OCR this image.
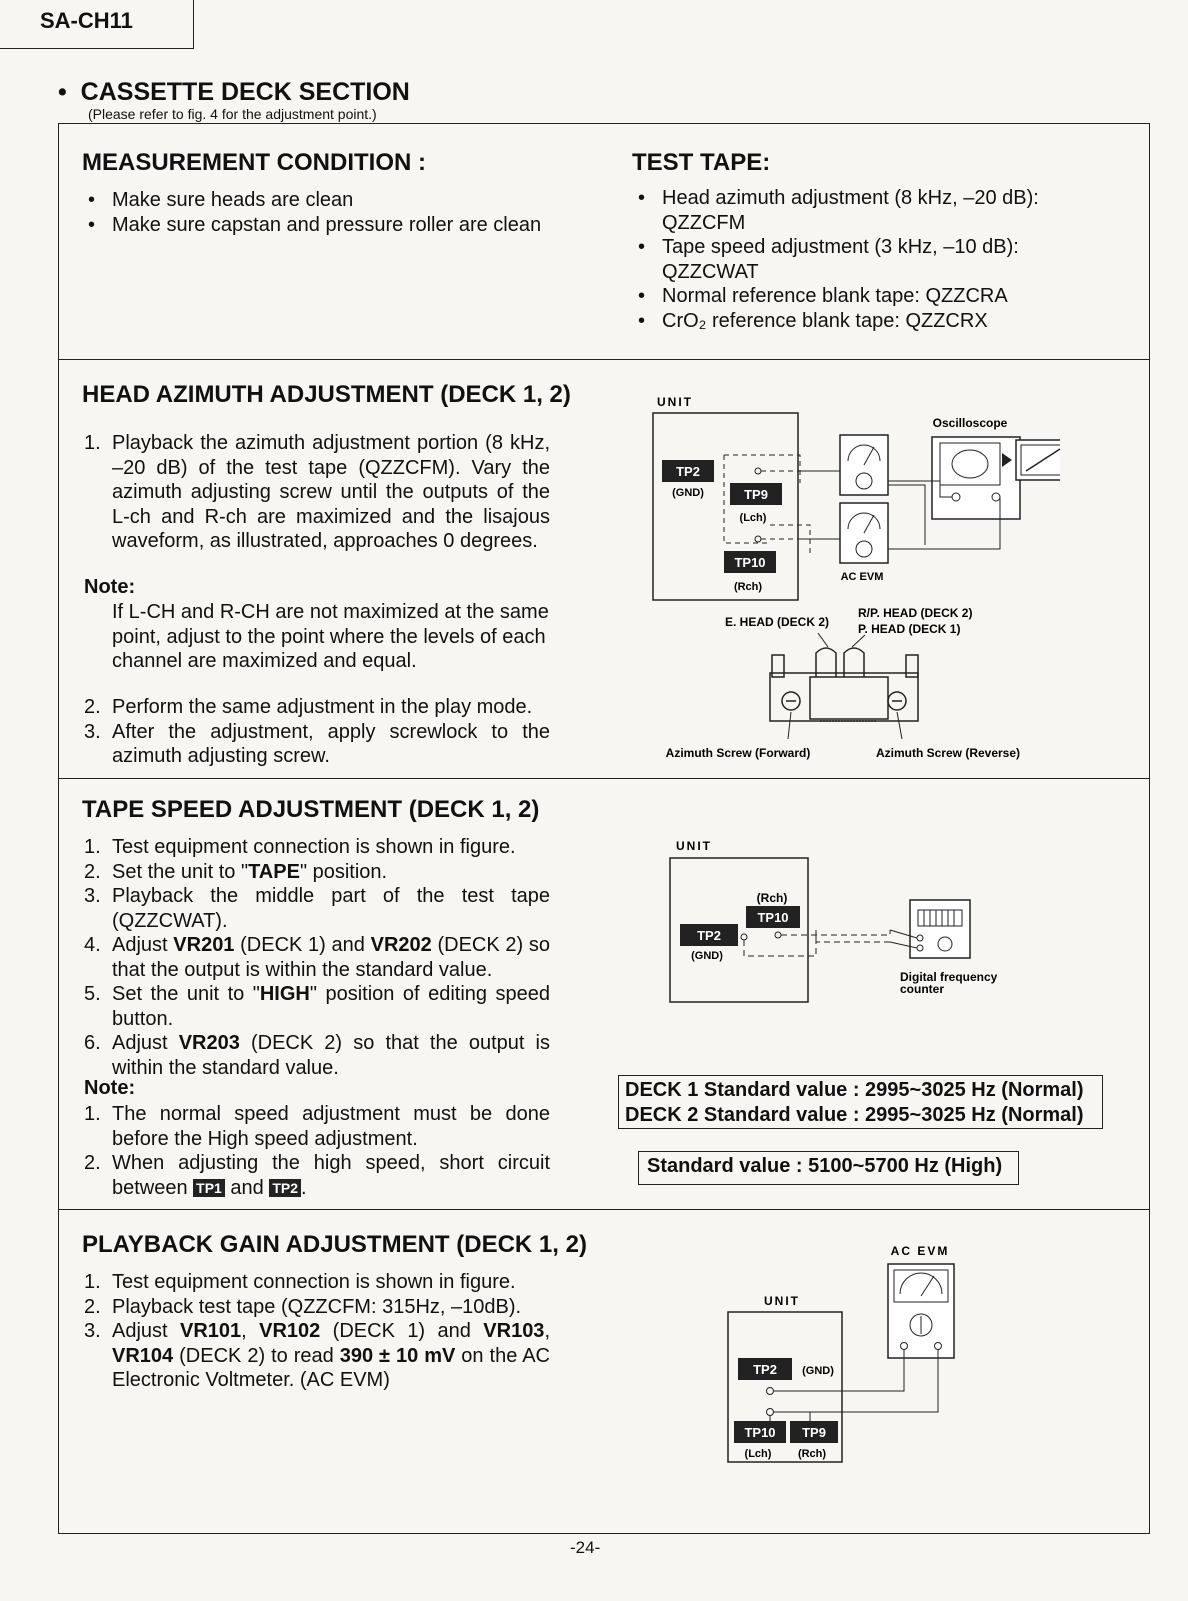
SA-CH11
•  CASSETTE DECK SECTION
(Please refer to fig. 4 for the adjustment point.)
MEASUREMENT CONDITION :
• Make sure heads are clean
• Make sure capstan and pressure roller are clean
TEST TAPE:
• Head azimuth adjustment (8 kHz, –20 dB): QZZCFM
• Tape speed adjustment (3 kHz, –10 dB): QZZCWAT
• Normal reference blank tape: QZZCRA
• CrO₂ reference blank tape: QZZCRX
HEAD AZIMUTH ADJUSTMENT (DECK 1, 2)
1. Playback the azimuth adjustment portion (8 kHz, –20 dB) of the test tape (QZZCFM). Vary the azimuth adjusting screw until the outputs of the L-ch and R-ch are maximized and the lisajous waveform, as illustrated, approaches 0 degrees.
Note:
If L-CH and R-CH are not maximized at the same point, adjust to the point where the levels of each channel are maximized and equal.
2. Perform the same adjustment in the play mode.
3. After the adjustment, apply screwlock to the azimuth adjusting screw.
UNIT
TP2
(GND)	TP9
(Lch)
TP10
(Rch)
AC EVM
Oscilloscope
E. HEAD (DECK 2)
R/P. HEAD (DECK 2)
P. HEAD (DECK 1)
Azimuth Screw (Forward)	Azimuth Screw (Reverse)
TAPE SPEED ADJUSTMENT (DECK 1, 2)
1. Test equipment connection is shown in figure.
2. Set the unit to "TAPE" position.
3. Playback the middle part of the test tape (QZZCWAT).
4. Adjust VR201 (DECK 1) and VR202 (DECK 2) so that the output is within the standard value.
5. Set the unit to "HIGH" position of editing speed button.
6. Adjust VR203 (DECK 2) so that the output is within the standard value.
Note:
1. The normal speed adjustment must be done before the High speed adjustment.
2. When adjusting the high speed, short circuit between TP1 and TP2 .
UNIT
(Rch)
TP10
TP2
(GND)
Digital frequency
counter
DECK 1 Standard value : 2995~3025 Hz (Normal)
DECK 2 Standard value : 2995~3025 Hz (Normal)
Standard value : 5100~5700 Hz (High)
PLAYBACK GAIN ADJUSTMENT (DECK 1, 2)
1. Test equipment connection is shown in figure.
2. Playback test tape (QZZCFM: 315Hz, –10dB).
3. Adjust VR101, VR102 (DECK 1) and VR103, VR104 (DECK 2) to read 390 ± 10 mV on the AC Electronic Voltmeter. (AC EVM)
AC EVM
UNIT
TP2 (GND)
TP10 TP9
(Lch) (Rch)
-24-
